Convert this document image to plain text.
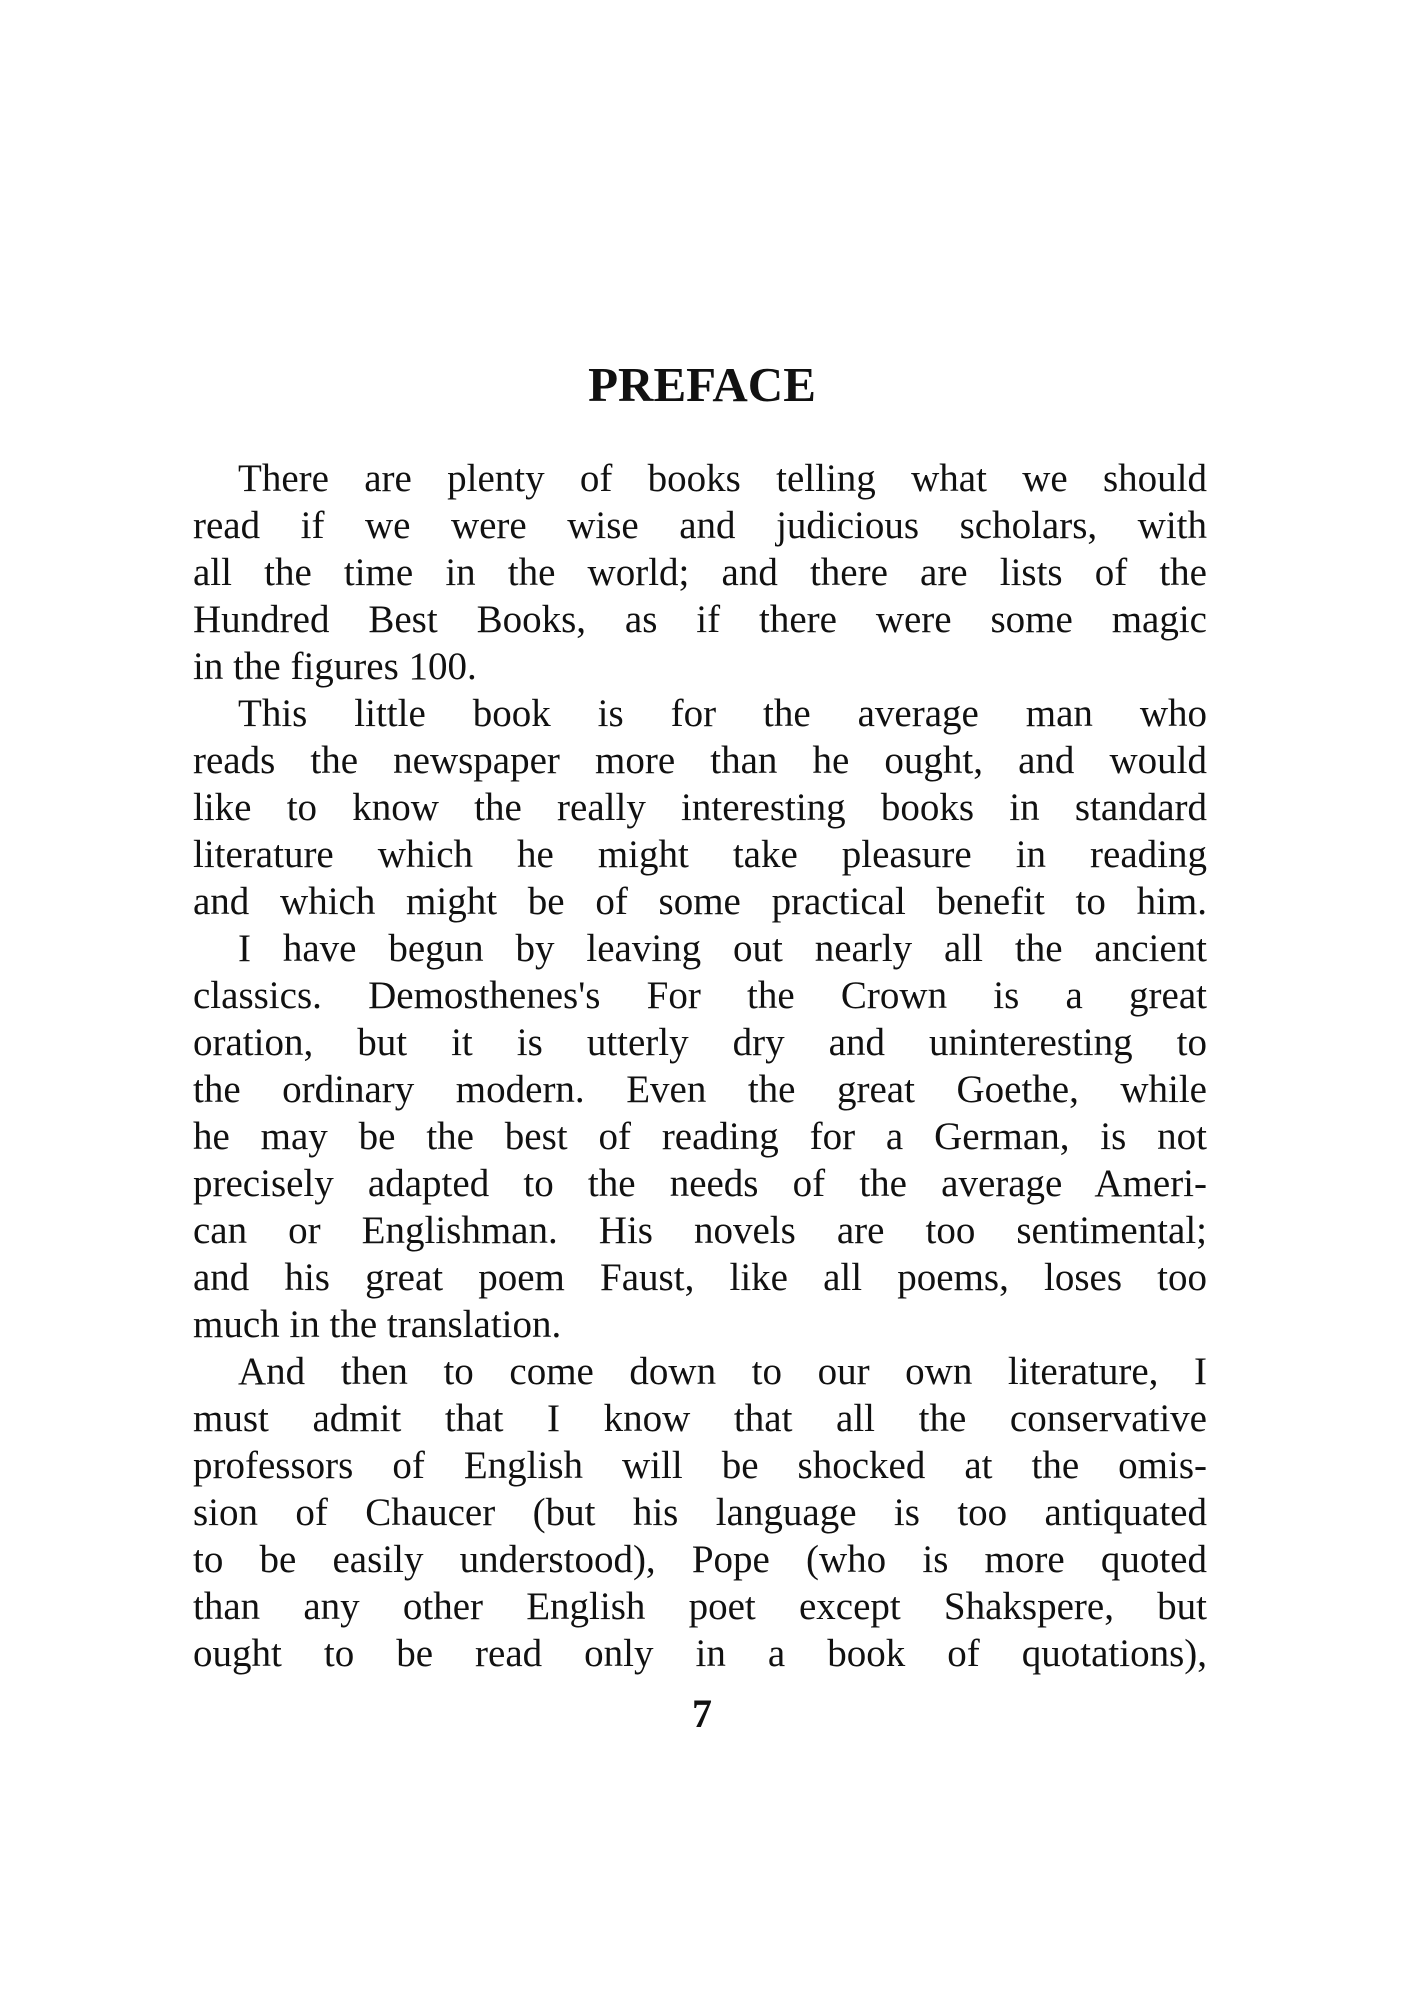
PREFACE
There are plenty of books telling what we should
read if we were wise and judicious scholars, with
all the time in the world; and there are lists of the
Hundred Best Books, as if there were some magic
in the figures 100.
This little book is for the average man who
reads the newspaper more than he ought, and would
like to know the really interesting books in standard
literature which he might take pleasure in reading
and which might be of some practical benefit to him.
I have begun by leaving out nearly all the ancient
classics. Demosthenes's For the Crown is a great
oration, but it is utterly dry and uninteresting to
the ordinary modern. Even the great Goethe, while
he may be the best of reading for a German, is not
precisely adapted to the needs of the average Ameri-
can or Englishman. His novels are too sentimental;
and his great poem Faust, like all poems, loses too
much in the translation.
And then to come down to our own literature, I
must admit that I know that all the conservative
professors of English will be shocked at the omis-
sion of Chaucer (but his language is too antiquated
to be easily understood), Pope (who is more quoted
than any other English poet except Shakspere, but
ought to be read only in a book of quotations),
7
